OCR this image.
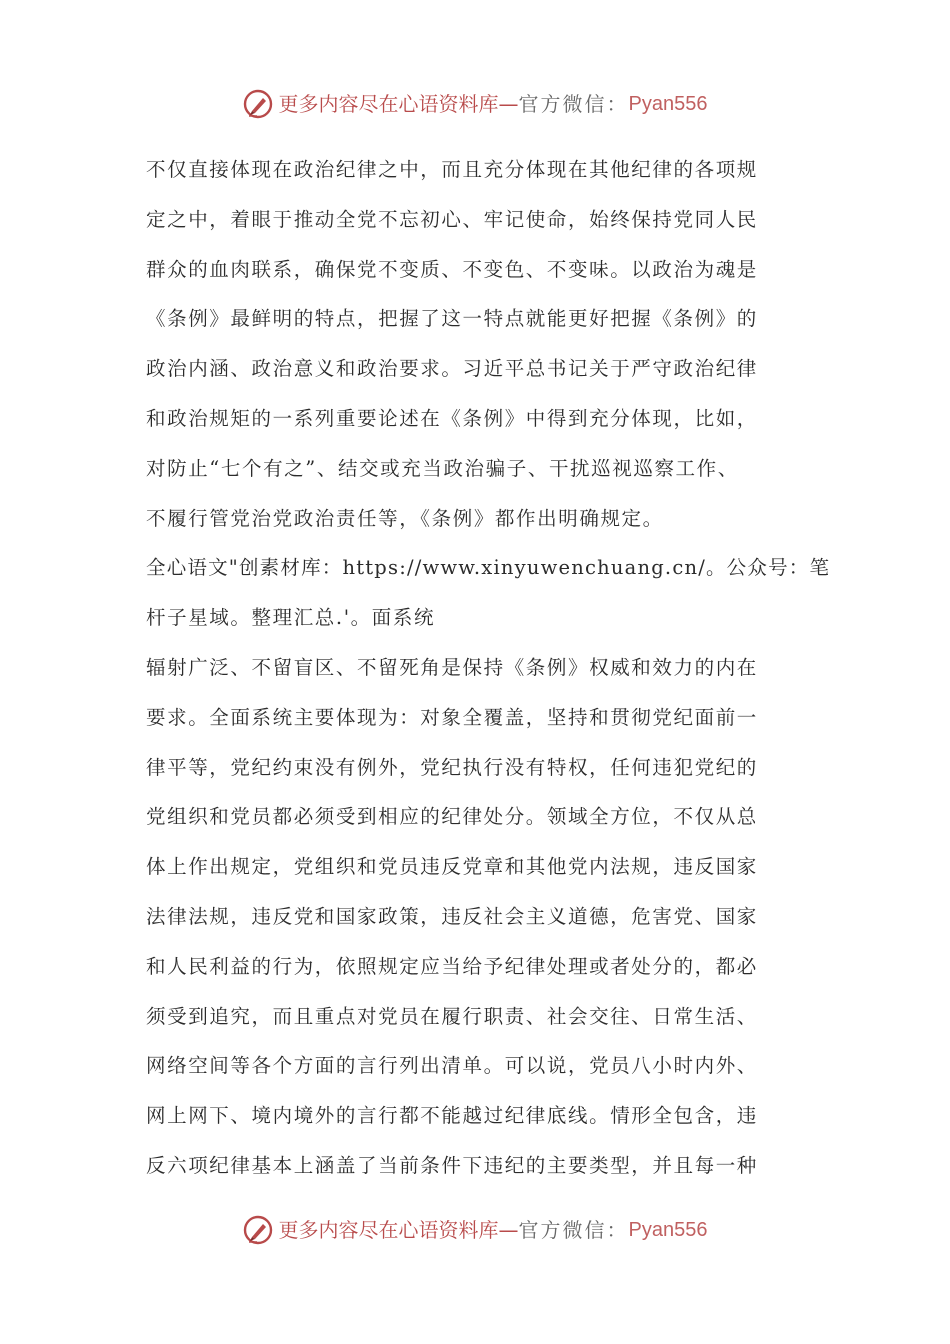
更多内容尽在心语资料库 — 官方微信： Pyan556
不仅直接体现在政治纪律之中，而且充分体现在其他纪律的各项规
定之中，着眼于推动全党不忘初心、牢记使命，始终保持党同人民
群众的血肉联系，确保党不变质、不变色、不变味。以政治为魂是
《条例》最鲜明的特点，把握了这一特点就能更好把握《条例》的
政治内涵、政治意义和政治要求。习近平总书记关于严守政治纪律
和政治规矩的一系列重要论述在《条例》中得到充分体现，比如，
对防止“七个有之”、结交或充当政治骗子、干扰巡视巡察工作、
不履行管党治党政治责任等，《条例》都作出明确规定。
全心语文"创素材库：https://www.xinyuwenchuang.cn/。公众号：笔
杆子星域。整理汇总.'。面系统
辐射广泛、不留盲区、不留死角是保持《条例》权威和效力的内在
要求。全面系统主要体现为：对象全覆盖，坚持和贯彻党纪面前一
律平等，党纪约束没有例外，党纪执行没有特权，任何违犯党纪的
党组织和党员都必须受到相应的纪律处分。领域全方位，不仅从总
体上作出规定，党组织和党员违反党章和其他党内法规，违反国家
法律法规，违反党和国家政策，违反社会主义道德，危害党、国家
和人民利益的行为，依照规定应当给予纪律处理或者处分的，都必
须受到追究，而且重点对党员在履行职责、社会交往、日常生活、
网络空间等各个方面的言行列出清单。可以说，党员八小时内外、
网上网下、境内境外的言行都不能越过纪律底线。情形全包含，违
反六项纪律基本上涵盖了当前条件下违纪的主要类型，并且每一种
更多内容尽在心语资料库 — 官方微信： Pyan556
